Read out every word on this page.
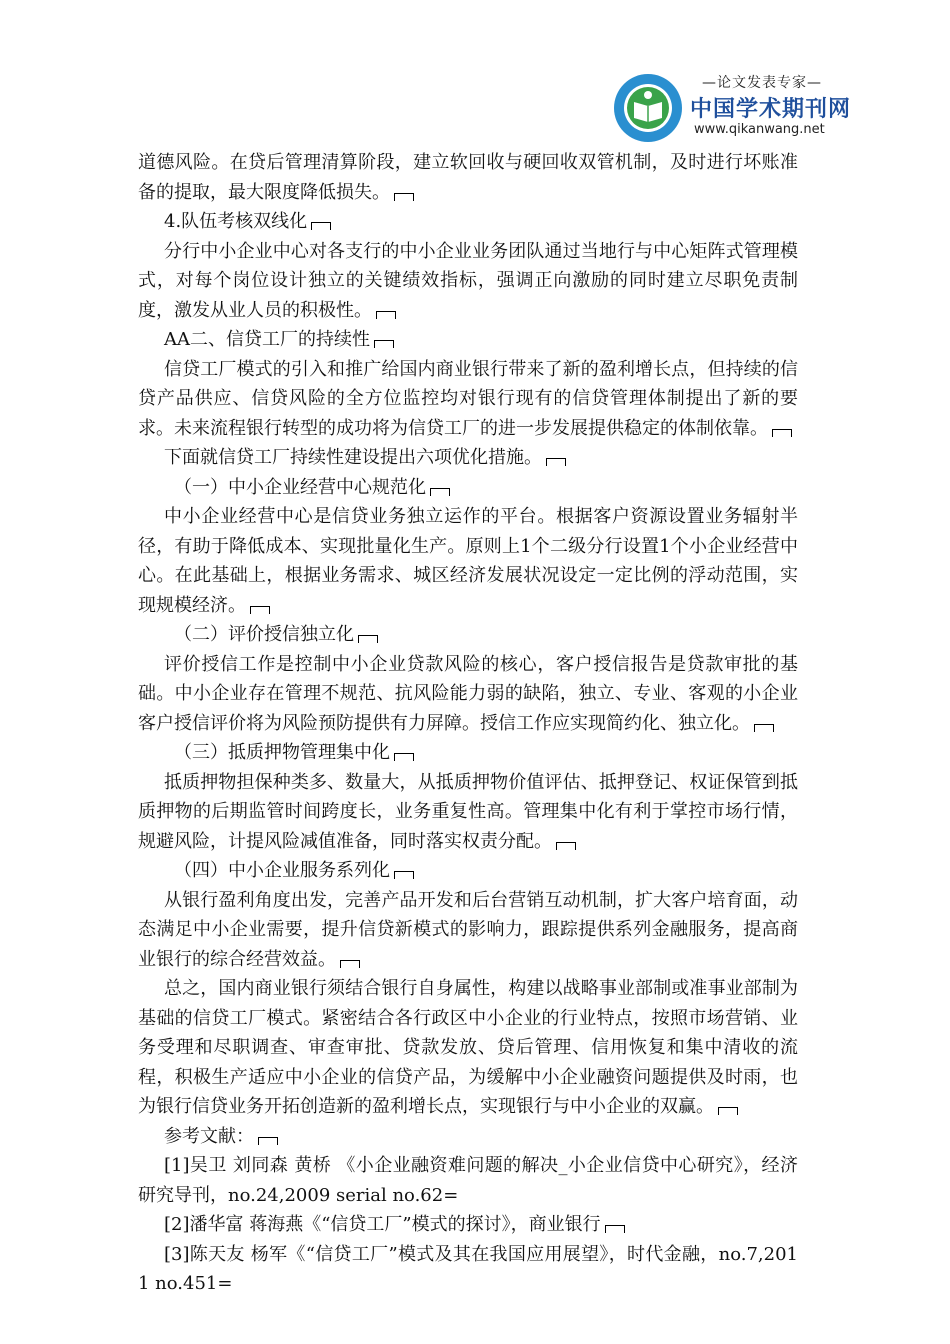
—论文发表专家—
中国学术期刊网
www.qikanwang.net

道德风险。在贷后管理清算阶段，建立软回收与硬回收双管机制，及时进行坏账准备的提取，最大限度降低损失。

4.队伍考核双线化

分行中小企业中心对各支行的中小企业业务团队通过当地行与中心矩阵式管理模式，对每个岗位设计独立的关键绩效指标，强调正向激励的同时建立尽职免责制度，激发从业人员的积极性。

AA二、信贷工厂的持续性

信贷工厂模式的引入和推广给国内商业银行带来了新的盈利增长点，但持续的信贷产品供应、信贷风险的全方位监控均对银行现有的信贷管理体制提出了新的要求。未来流程银行转型的成功将为信贷工厂的进一步发展提供稳定的体制依靠。

下面就信贷工厂持续性建设提出六项优化措施。

（一）中小企业经营中心规范化

中小企业经营中心是信贷业务独立运作的平台。根据客户资源设置业务辐射半径，有助于降低成本、实现批量化生产。原则上1个二级分行设置1个小企业经营中心。在此基础上，根据业务需求、城区经济发展状况设定一定比例的浮动范围，实现规模经济。

（二）评价授信独立化

评价授信工作是控制中小企业贷款风险的核心，客户授信报告是贷款审批的基础。中小企业存在管理不规范、抗风险能力弱的缺陷，独立、专业、客观的小企业客户授信评价将为风险预防提供有力屏障。授信工作应实现简约化、独立化。

（三）抵质押物管理集中化

抵质押物担保种类多、数量大，从抵质押物价值评估、抵押登记、权证保管到抵质押物的后期监管时间跨度长，业务重复性高。管理集中化有利于掌控市场行情，规避风险，计提风险减值准备，同时落实权责分配。

（四）中小企业服务系列化

从银行盈利角度出发，完善产品开发和后台营销互动机制，扩大客户培育面，动态满足中小企业需要，提升信贷新模式的影响力，跟踪提供系列金融服务，提高商业银行的综合经营效益。

总之，国内商业银行须结合银行自身属性，构建以战略事业部制或准事业部制为基础的信贷工厂模式。紧密结合各行政区中小企业的行业特点，按照市场营销、业务受理和尽职调查、审查审批、贷款发放、贷后管理、信用恢复和集中清收的流程，积极生产适应中小企业的信贷产品，为缓解中小企业融资问题提供及时雨，也为银行信贷业务开拓创造新的盈利增长点，实现银行与中小企业的双赢。

参考文献：

[1]吴卫 刘同森 黄桥 《小企业融资难问题的解决_小企业信贷中心研究》，经济研究导刊，no.24,2009 serial no.62=

[2]潘华富 蒋海燕《“信贷工厂”模式的探讨》，商业银行

[3]陈天友 杨军《“信贷工厂”模式及其在我国应用展望》，时代金融，no.7,2011 no.451=
